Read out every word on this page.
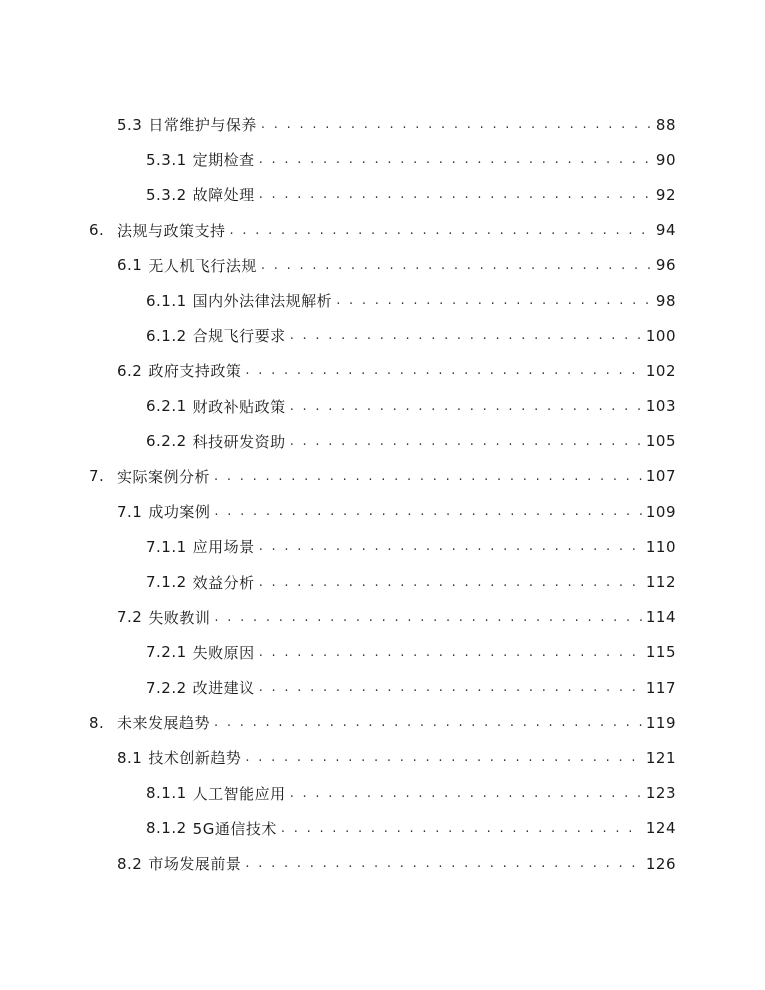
5.3 日常维护与保养 . . .	88
5.3.1 定期检查 . . .	90
5.3.2 故障处理 . . .	92
6. 法规与政策支持 . . .	94
6.1 无人机飞行法规 . . .	96
6.1.1 国内外法律法规解析 . . .	98
6.1.2 合规飞行要求 . . .	100
6.2 政府支持政策 . . .	102
6.2.1 财政补贴政策 . . .	103
6.2.2 科技研发资助 . . .	105
7. 实际案例分析 . . .	107
7.1 成功案例 . . .	109
7.1.1 应用场景 . . .	110
7.1.2 效益分析 . . .	112
7.2 失败教训 . . .	114
7.2.1 失败原因 . . .	115
7.2.2 改进建议 . . .	117
8. 未来发展趋势 . . .	119
8.1 技术创新趋势 . . .	121
8.1.1 人工智能应用 . . .	123
8.1.2 5G通信技术 . . .	124
8.2 市场发展前景 . . .	126
